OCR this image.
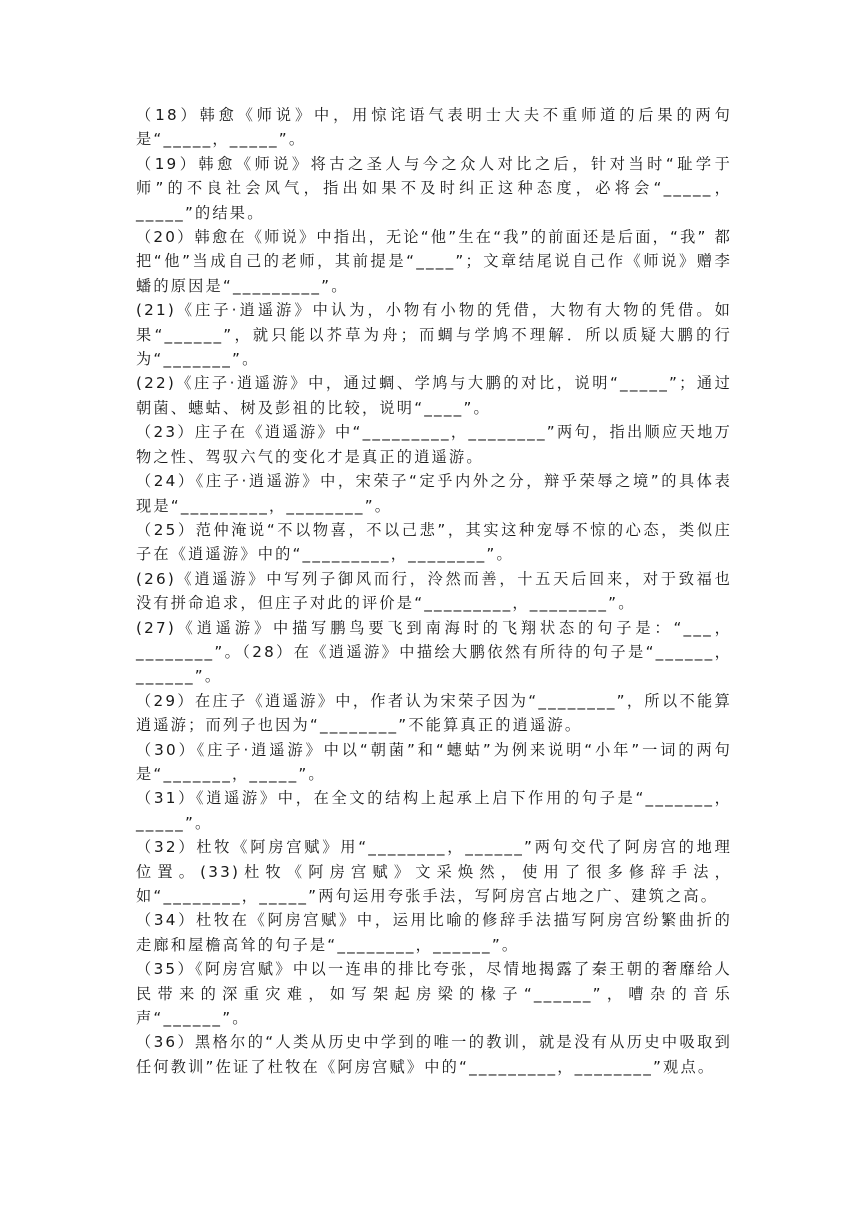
（18）韩愈《师说》中，用惊诧语气表明士大夫不重师道的后果的两句是“_____，_____”。

（19）韩愈《师说》将古之圣人与今之众人对比之后，针对当时“耻学于师”的不良社会风气，指出如果不及时纠正这种态度，必将会“_____，_____”的结果。

（20）韩愈在《师说》中指出，无论“他”生在“我”的前面还是后面，“我” 都把“他”当成自己的老师，其前提是“____”；文章结尾说自己作《师说》赠李蟠的原因是“_________”。

(21)《庄子·逍遥游》中认为，小物有小物的凭借，大物有大物的凭借。如果“______”，就只能以芥草为舟；而蜩与学鸠不理解．所以质疑大鹏的行为“_______”。

(22)《庄子·逍遥游》中，通过蜩、学鸠与大鹏的对比，说明“_____”；通过朝菌、蟪蛄、树及彭祖的比较，说明“____”。

（23）庄子在《逍遥游》中“_________，________”两句，指出顺应天地万物之性、驾驭六气的变化才是真正的逍遥游。

（24）《庄子·逍遥游》中，宋荣子“定乎内外之分，辩乎荣辱之境”的具体表现是“_________，________”。

（25）范仲淹说“不以物喜，不以己悲”，其实这种宠辱不惊的心态，类似庄子在《逍遥游》中的“_________，________”。

(26)《逍遥游》中写列子御风而行，泠然而善，十五天后回来，对于致福也没有拼命追求，但庄子对此的评价是“_________，________”。

(27)《逍遥游》中描写鹏鸟要飞到南海时的飞翔状态的句子是：“___，________”。（28）在《逍遥游》中描绘大鹏依然有所待的句子是“______，______”。

（29）在庄子《逍遥游》中，作者认为宋荣子因为“________”，所以不能算逍遥游；而列子也因为“________”不能算真正的逍遥游。

（30）《庄子·逍遥游》中以“朝菌”和“蟪蛄”为例来说明“小年”一词的两句是“_______，_____”。

（31）《逍遥游》中，在全文的结构上起承上启下作用的句子是“_______，_____”。

（32）杜牧《阿房宫赋》用“________，______”两句交代了阿房宫的地理位置。(33)杜牧《阿房宫赋》文采焕然，使用了很多修辞手法，如“________，_____”两句运用夸张手法，写阿房宫占地之广、建筑之高。

（34）杜牧在《阿房宫赋》中，运用比喻的修辞手法描写阿房宫纷繁曲折的走廊和屋檐高耸的句子是“________，______”。

（35）《阿房宫赋》中以一连串的排比夸张，尽情地揭露了秦王朝的奢靡给人民带来的深重灾难，如写架起房梁的椽子“______”，嘈杂的音乐声“______”。

（36）黑格尔的“人类从历史中学到的唯一的教训，就是没有从历史中吸取到任何教训”佐证了杜牧在《阿房宫赋》中的“_________，________”观点。
